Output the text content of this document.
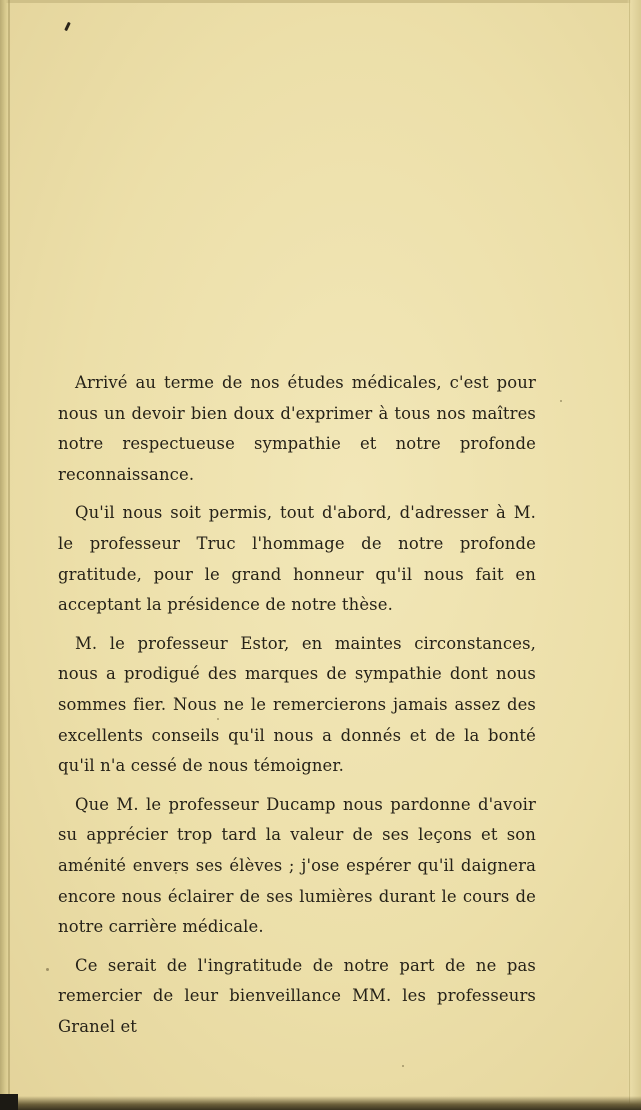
Arrivé au terme de nos études médicales, c'est pour nous un devoir bien doux d'exprimer à tous nos maîtres notre respectueuse sympathie et notre profonde reconnaissance.

Qu'il nous soit permis, tout d'abord, d'adresser à M. le professeur Truc l'hommage de notre profonde gratitude, pour le grand honneur qu'il nous fait en acceptant la présidence de notre thèse.

M. le professeur Estor, en maintes circonstances, nous a prodigué des marques de sympathie dont nous sommes fier. Nous ne le remercierons jamais assez des excellents conseils qu'il nous a donnés et de la bonté qu'il n'a cessé de nous témoigner.

Que M. le professeur Ducamp nous pardonne d'avoir su apprécier trop tard la valeur de ses leçons et son aménité envers ses élèves ; j'ose espérer qu'il daignera encore nous éclairer de ses lumières durant le cours de notre carrière médicale.

Ce serait de l'ingratitude de notre part de ne pas remercier de leur bienveillance MM. les professeurs Granel et
